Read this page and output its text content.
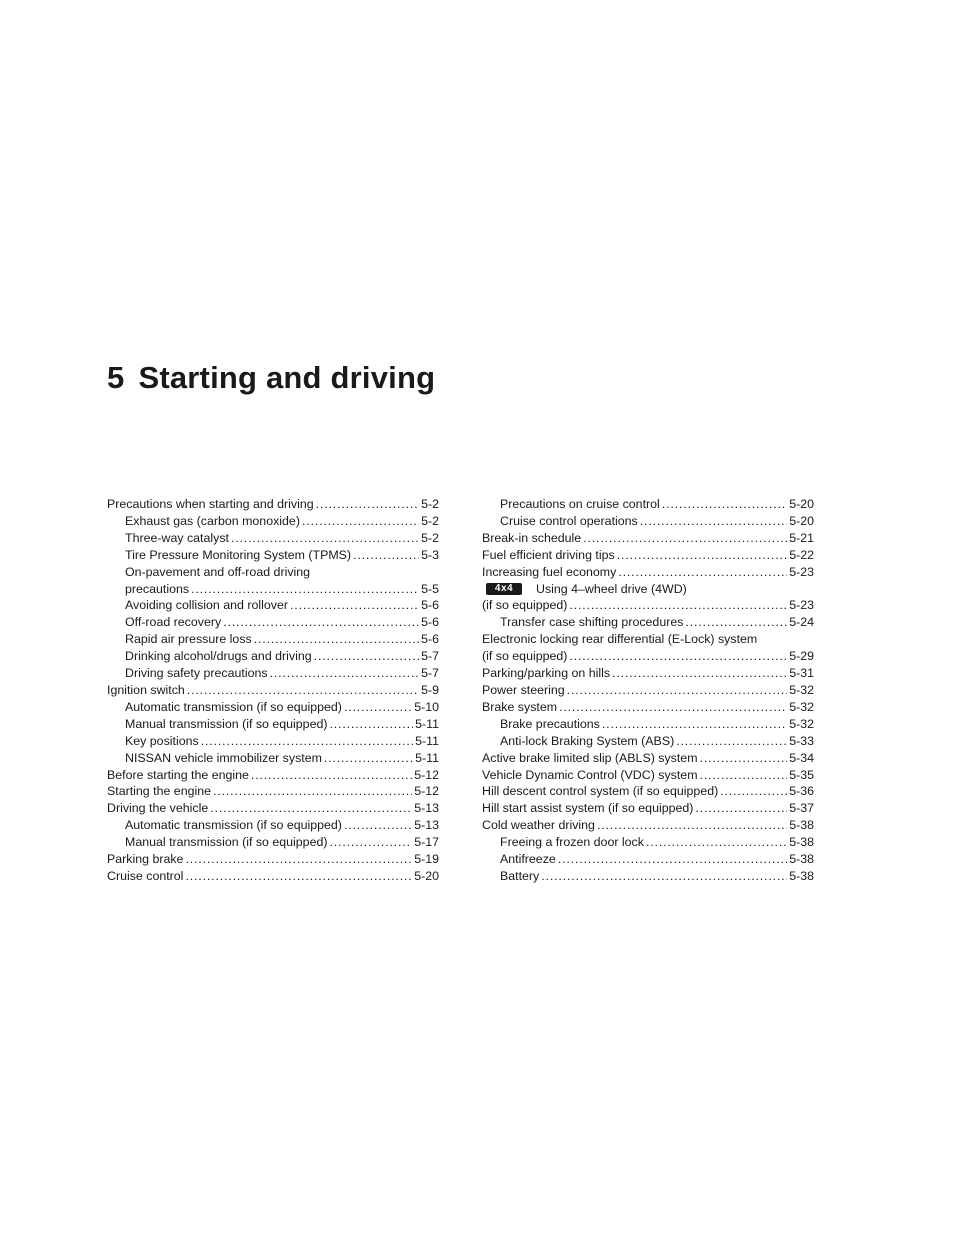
5 Starting and driving
Precautions when starting and driving . . .	5-2
Exhaust gas (carbon monoxide) . . .	5-2
Three-way catalyst . . .	5-2
Tire Pressure Monitoring System (TPMS) . . .	5-3
On-pavement and off-road driving
precautions . . .	5-5
Avoiding collision and rollover . . .	5-6
Off-road recovery . . .	5-6
Rapid air pressure loss . . .	5-6
Drinking alcohol/drugs and driving . . .	5-7
Driving safety precautions . . .	5-7
Ignition switch . . .	5-9
Automatic transmission (if so equipped) . . .	5-10
Manual transmission (if so equipped) . . .	5-11
Key positions . . .	5-11
NISSAN vehicle immobilizer system . . .	5-11
Before starting the engine . . .	5-12
Starting the engine . . .	5-12
Driving the vehicle . . .	5-13
Automatic transmission (if so equipped) . . .	5-13
Manual transmission (if so equipped) . . .	5-17
Parking brake . . .	5-19
Cruise control . . .	5-20
Precautions on cruise control . . .	5-20
Cruise control operations . . .	5-20
Break-in schedule . . .	5-21
Fuel efficient driving tips . . .	5-22
Increasing fuel economy . . .	5-23
4x4	Using 4–wheel drive (4WD)
(if so equipped) . . .	5-23
Transfer case shifting procedures . . .	5-24
Electronic locking rear differential (E-Lock) system
(if so equipped) . . .	5-29
Parking/parking on hills . . .	5-31
Power steering . . .	5-32
Brake system . . .	5-32
Brake precautions . . .	5-32
Anti-lock Braking System (ABS) . . .	5-33
Active brake limited slip (ABLS) system . . .	5-34
Vehicle Dynamic Control (VDC) system . . .	5-35
Hill descent control system (if so equipped) . . .	5-36
Hill start assist system (if so equipped) . . .	5-37
Cold weather driving . . .	5-38
Freeing a frozen door lock . . .	5-38
Antifreeze . . .	5-38
Battery . . .	5-38
